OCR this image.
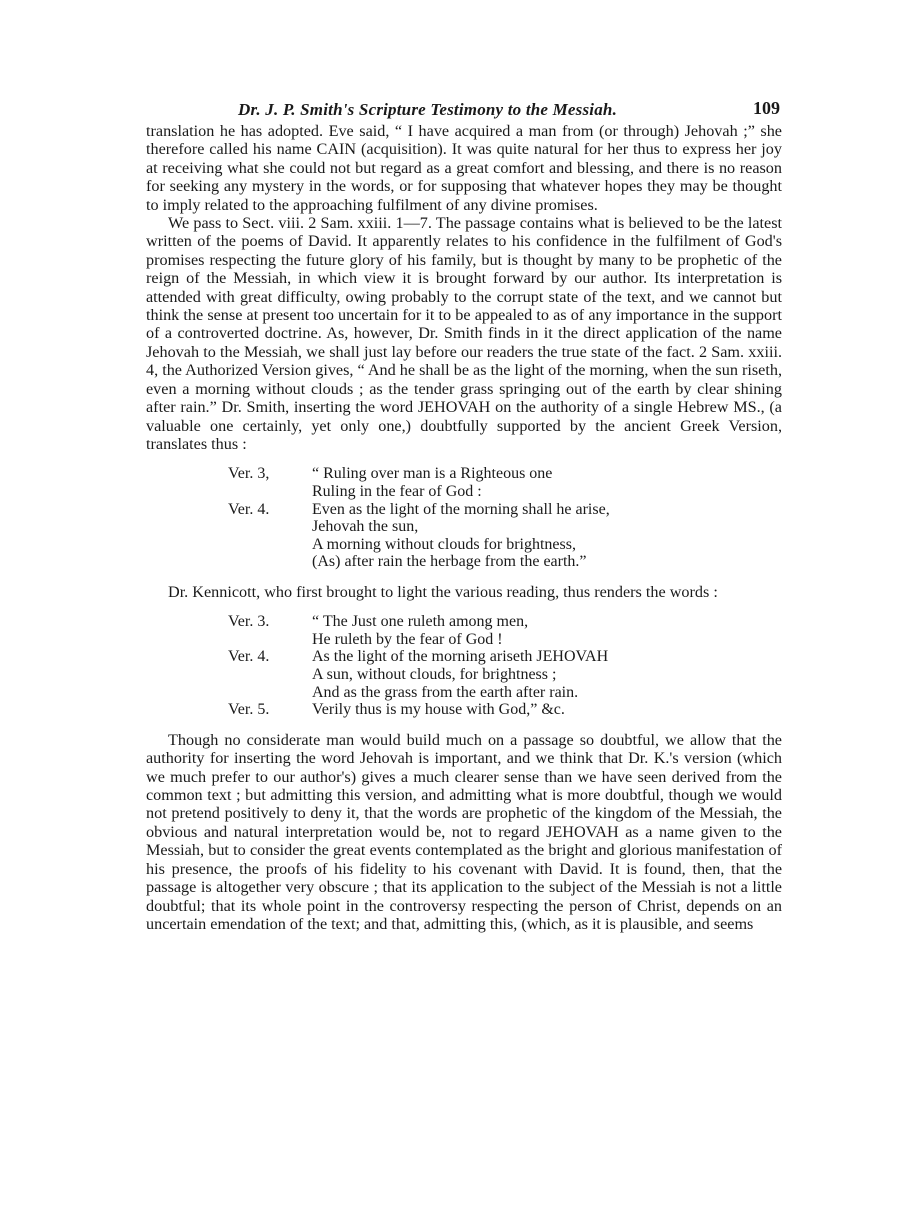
Dr. J. P. Smith's Scripture Testimony to the Messiah.	109

translation he has adopted. Eve said, “ I have acquired a man from (or through) Jehovah ;” she therefore called his name CAIN (acquisition). It was quite natural for her thus to express her joy at receiving what she could not but regard as a great comfort and blessing, and there is no reason for seeking any mystery in the words, or for supposing that whatever hopes they may be thought to imply related to the approaching fulfilment of any divine promises.

We pass to Sect. viii. 2 Sam. xxiii. 1—7. The passage contains what is believed to be the latest written of the poems of David. It apparently relates to his confidence in the fulfilment of God's promises respecting the future glory of his family, but is thought by many to be prophetic of the reign of the Messiah, in which view it is brought forward by our author. Its interpretation is attended with great difficulty, owing probably to the corrupt state of the text, and we cannot but think the sense at present too uncertain for it to be appealed to as of any importance in the support of a controverted doctrine. As, however, Dr. Smith finds in it the direct application of the name Jehovah to the Messiah, we shall just lay before our readers the true state of the fact. 2 Sam. xxiii. 4, the Authorized Version gives, “ And he shall be as the light of the morning, when the sun riseth, even a morning without clouds ; as the tender grass springing out of the earth by clear shining after rain.” Dr. Smith, inserting the word JEHOVAH on the authority of a single Hebrew MS., (a valuable one certainly, yet only one,) doubtfully supported by the ancient Greek Version, translates thus :

Ver. 3,	“ Ruling over man is a Righteous one
Ruling in the fear of God :
Ver. 4.	Even as the light of the morning shall he arise,
Jehovah the sun,
A morning without clouds for brightness,
(As) after rain the herbage from the earth.”

Dr. Kennicott, who first brought to light the various reading, thus renders the words :

Ver. 3.	“ The Just one ruleth among men,
He ruleth by the fear of God !
Ver. 4.	As the light of the morning ariseth JEHOVAH
A sun, without clouds, for brightness ;
And as the grass from the earth after rain.
Ver. 5.	Verily thus is my house with God,” &c.

Though no considerate man would build much on a passage so doubtful, we allow that the authority for inserting the word Jehovah is important, and we think that Dr. K.'s version (which we much prefer to our author's) gives a much clearer sense than we have seen derived from the common text ; but admitting this version, and admitting what is more doubtful, though we would not pretend positively to deny it, that the words are prophetic of the kingdom of the Messiah, the obvious and natural interpretation would be, not to regard JEHOVAH as a name given to the Messiah, but to consider the great events contemplated as the bright and glorious manifestation of his presence, the proofs of his fidelity to his covenant with David. It is found, then, that the passage is altogether very obscure ; that its application to the subject of the Messiah is not a little doubtful; that its whole point in the controversy respecting the person of Christ, depends on an uncertain emendation of the text; and that, admitting this, (which, as it is plausible, and seems
